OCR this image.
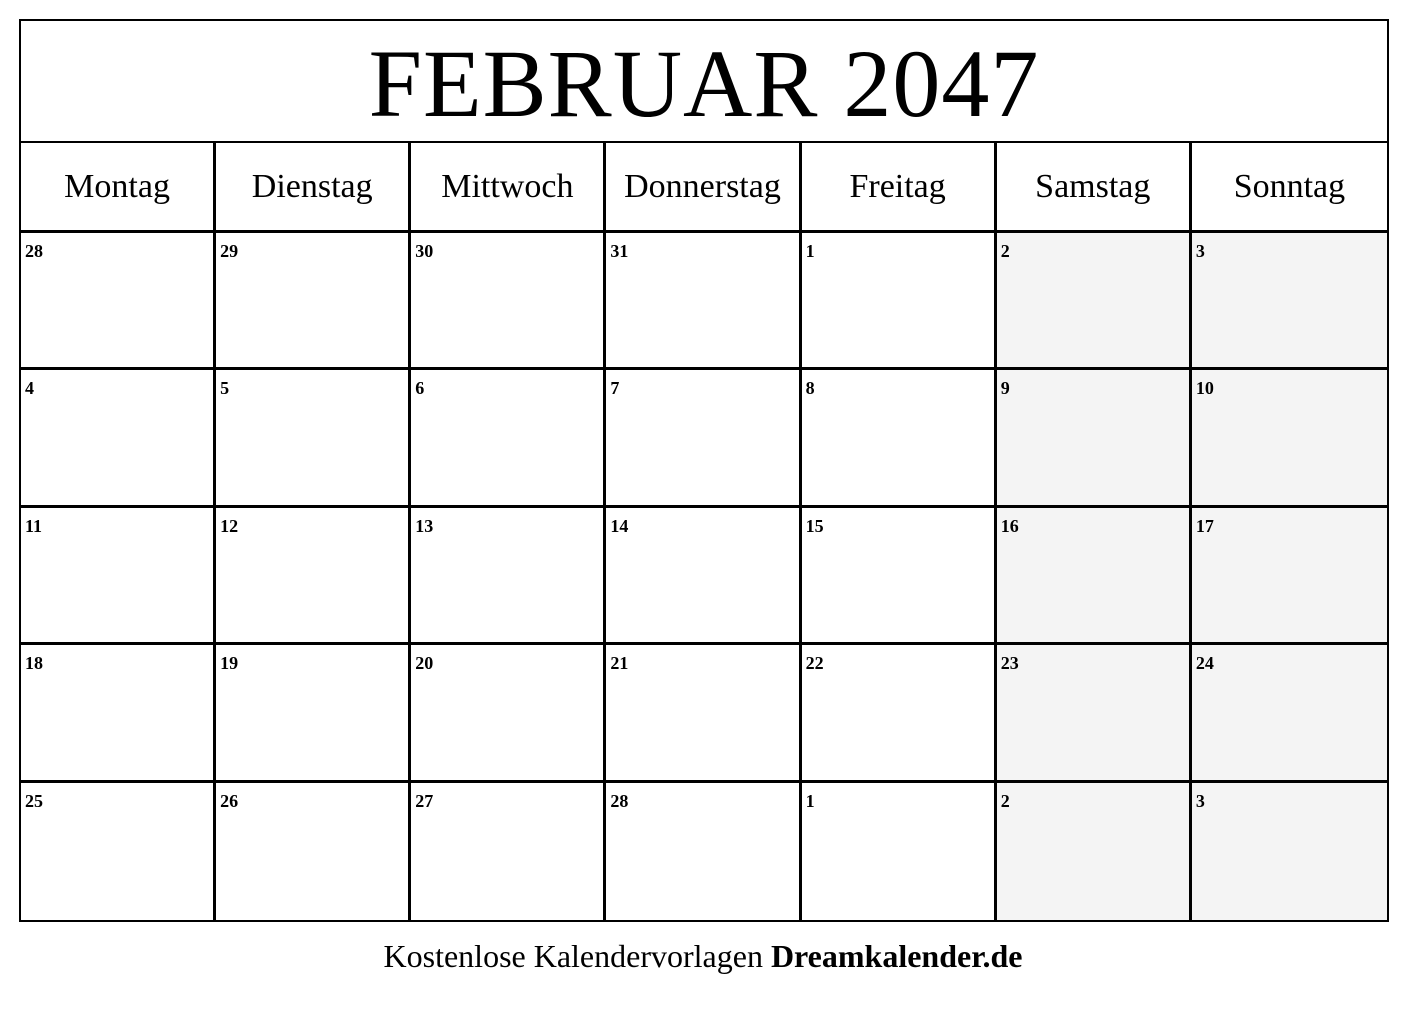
FEBRUAR 2047
Montag	Dienstag	Mittwoch	Donnerstag	Freitag	Samstag	Sonntag
28	29	30	31	1	2	3
4	5	6	7	8	9	10
11	12	13	14	15	16	17
18	19	20	21	22	23	24
25	26	27	28	1	2	3
Kostenlose Kalendervorlagen Dreamkalender.de
